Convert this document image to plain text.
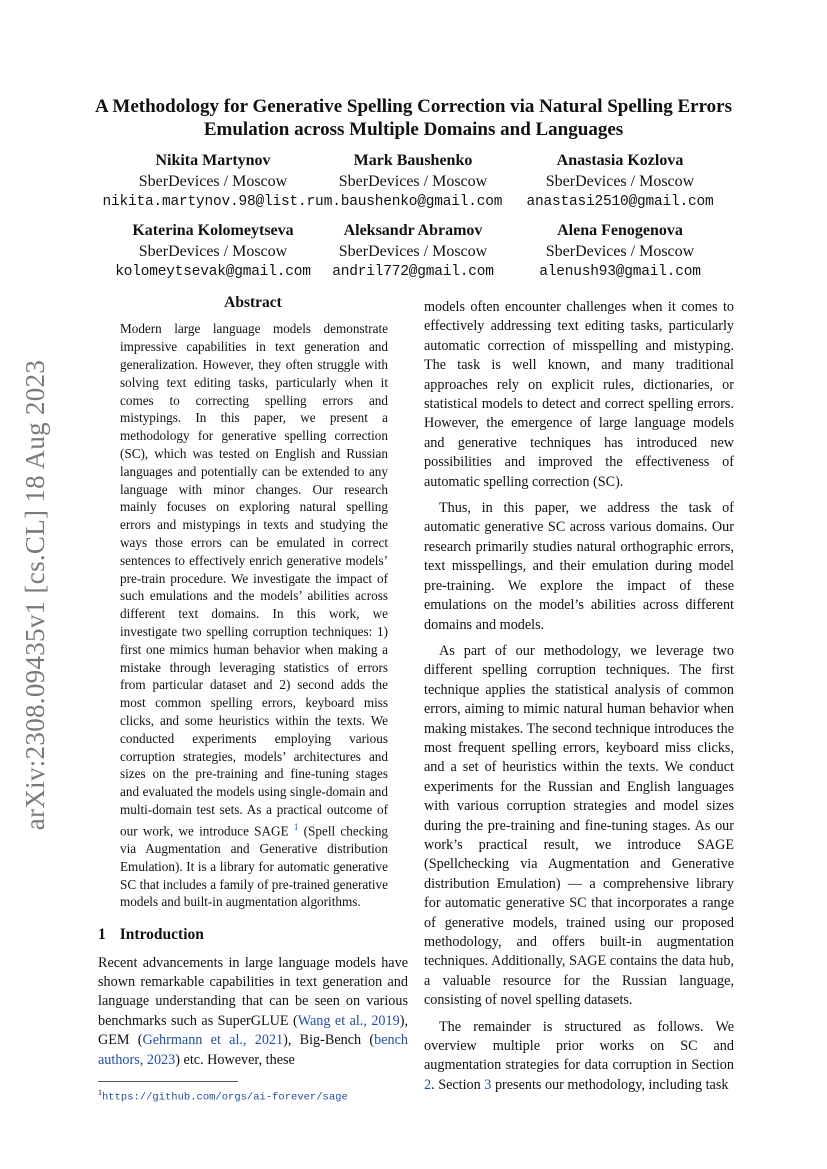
arXiv:2308.09435v1 [cs.CL] 18 Aug 2023
A Methodology for Generative Spelling Correction via Natural Spelling Errors Emulation across Multiple Domains and Languages
Nikita Martynov
SberDevices / Moscow
nikita.martynov.98@list.ru
Mark Baushenko
SberDevices / Moscow
m.baushenko@gmail.com
Anastasia Kozlova
SberDevices / Moscow
anastasi2510@gmail.com
Katerina Kolomeytseva
SberDevices / Moscow
kolomeytsevak@gmail.com
Aleksandr Abramov
SberDevices / Moscow
andril772@gmail.com
Alena Fenogenova
SberDevices / Moscow
alenush93@gmail.com
Abstract

Modern large language models demonstrate impressive capabilities in text generation and generalization. However, they often struggle with solving text editing tasks, particularly when it comes to correcting spelling errors and mistypings. In this paper, we present a methodology for generative spelling correction (SC), which was tested on English and Russian languages and potentially can be extended to any language with minor changes. Our research mainly focuses on exploring natural spelling errors and mistypings in texts and studying the ways those errors can be emulated in correct sentences to effectively enrich generative models’ pre-train procedure. We investigate the impact of such emulations and the models’ abilities across different text domains. In this work, we investigate two spelling corruption techniques: 1) first one mimics human behavior when making a mistake through leveraging statistics of errors from particular dataset and 2) second adds the most common spelling errors, keyboard miss clicks, and some heuristics within the texts. We conducted experiments employing various corruption strategies, models’ architectures and sizes on the pre-training and fine-tuning stages and evaluated the models using single-domain and multi-domain test sets. As a practical outcome of our work, we introduce SAGE $^1$ (Spell checking via Augmentation and Generative distribution Emulation). It is a library for automatic generative SC that includes a family of pre-trained generative models and built-in augmentation algorithms.

1 Introduction

Recent advancements in large language models have shown remarkable capabilities in text generation and language understanding that can be seen on various benchmarks such as SuperGLUE (Wang et al., 2019), GEM (Gehrmann et al., 2021), Big-Bench (bench authors, 2023) etc. However, these

$^1$https://github.com/orgs/ai-forever/sage

models often encounter challenges when it comes to effectively addressing text editing tasks, particularly automatic correction of misspelling and mistyping. The task is well known, and many traditional approaches rely on explicit rules, dictionaries, or statistical models to detect and correct spelling errors. However, the emergence of large language models and generative techniques has introduced new possibilities and improved the effectiveness of automatic spelling correction (SC).

Thus, in this paper, we address the task of automatic generative SC across various domains. Our research primarily studies natural orthographic errors, text misspellings, and their emulation during model pre-training. We explore the impact of these emulations on the model’s abilities across different domains and models.

As part of our methodology, we leverage two different spelling corruption techniques. The first technique applies the statistical analysis of common errors, aiming to mimic natural human behavior when making mistakes. The second technique introduces the most frequent spelling errors, keyboard miss clicks, and a set of heuristics within the texts. We conduct experiments for the Russian and English languages with various corruption strategies and model sizes during the pre-training and fine-tuning stages. As our work’s practical result, we introduce SAGE (Spellchecking via Augmentation and Generative distribution Emulation) — a comprehensive library for automatic generative SC that incorporates a range of generative models, trained using our proposed methodology, and offers built-in augmentation techniques. Additionally, SAGE contains the data hub, a valuable resource for the Russian language, consisting of novel spelling datasets.

The remainder is structured as follows. We overview multiple prior works on SC and augmentation strategies for data corruption in Section 2. Section 3 presents our methodology, including task
